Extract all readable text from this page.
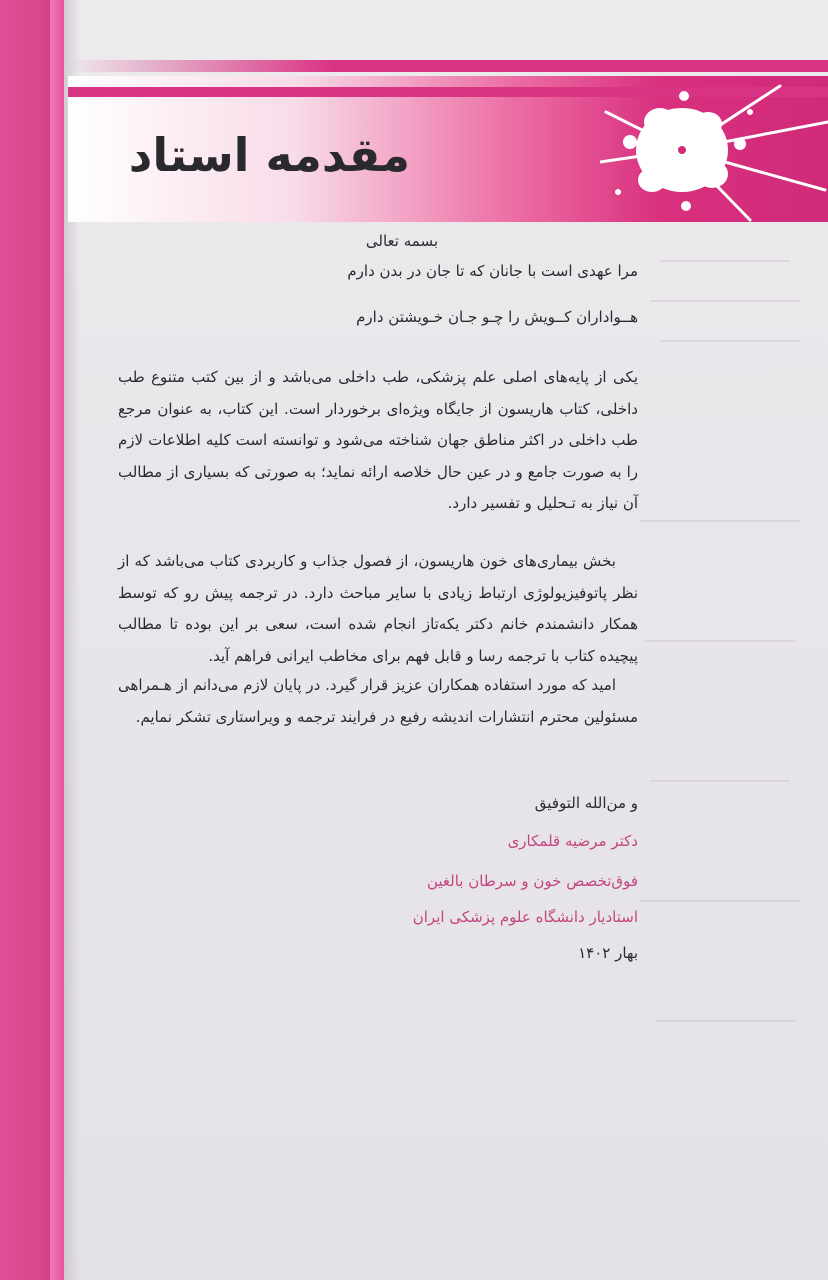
مقدمه استاد
بسمه تعالی
مرا عهدی است با جانان که تا جان در بدن دارم
هــواداران کــویش را چـو جـان خـویشتن دارم
یکی از پایه‌های اصلی علم پزشکی، طب داخلی می‌باشد و از بین کتب متنوع طب داخلی، کتاب هاریسون از جایگاه ویژه‌ای برخوردار است. این کتاب، به عنوان مرجع طب داخلی در اکثر مناطق جهان شناخته می‌شود و توانسته است کلیه اطلاعات لازم را به صورت جامع و در عین حال خلاصه ارائه نماید؛ به صورتی که بسیاری از مطالب آن نیاز به تـحلیل و تفسیر دارد.
بخش بیماری‌های خون هاریسون، از فصول جذاب و کاربردی کتاب می‌باشد که از نظر پاتوفیزیولوژی ارتباط زیادی با سایر مباحث دارد. در ترجمه پیش رو که توسط همکار دانشمندم خانم دکتر یکه‌تاز انجام شده است، سعی بر این بوده تا مطالب پیچیده کتاب با ترجمه رسا و قابل فهم برای مخاطب ایرانی فراهم آید.
امید که مورد استفاده همکاران عزیز قرار گیرد. در پایان لازم می‌دانم از هـمراهی مسئولین محترم انتشارات اندیشه رفیع در فرایند ترجمه و ویراستاری تشکر نمایم.
و من‌الله التوفیق
دکتر مرضیه قلمکاری
فوق‌تخصص خون و سرطان بالغین
استادیار دانشگاه علوم پزشکی ایران
بهار ۱۴۰۲
